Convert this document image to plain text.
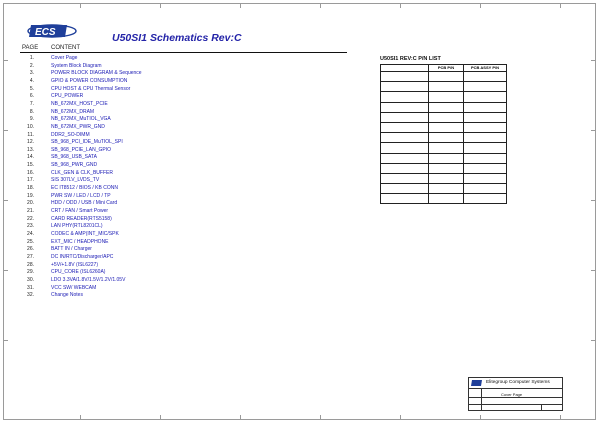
ECS	U50SI1 Schematics Rev:C
PAGE CONTENT
1.	Cover Page
2.	System Block Diagram
3.	POWER BLOCK DIAGRAM & Sequence
4.	GPIO & POWER CONSUMPTION
5.	CPU HOST & CPU Thermal Sensor
6.	CPU_POWER
7.	NB_672MX_HOST_PCIE
8.	NB_672MX_DRAM
9.	NB_672MX_MuTIOL_VGA
10.	NB_672MX_PWR_GND
11.	DDR2_SO-DIMM
12.	SB_968_PCI_IDE_MuTIOL_SPI
13.	SB_968_PCIE_LAN_GPIO
14.	SB_968_USB_SATA
15.	SB_968_PWR_GND
16.	CLK_GEN & CLK_BUFFER
17.	SIS 307LV_LVDS_TV
18.	EC IT8512 / BIOS / KB CONN
19.	PWR SW / LED / LCD / TP
20.	HDD / ODD / USB / Mini Card
21.	CRT / FAN / Smart Power
22.	CARD READER(RTS5158)
23.	LAN PHY(RTL8201CL)
24.	CODEC & AMP(INT_MIC/SPK
25.	EXT_MIC / HEADPHONE
26.	BATT IN / Charger
27.	DC IN/RTC/Discharger/APC
28.	+5V/+1.8V (ISL6227)
29.	CPU_CORE (ISL6260A)
30.	LDO 3.3VA/1.8V/1.5V/1.2V/1.05V
31.	VCC SW/ WEBCAM
32.	Change Notes
U50SI1 REV:C P/N LIST
	PCB P/N	PCB ASSY P/N

Elitegroup Computer Systems
Cover Page
